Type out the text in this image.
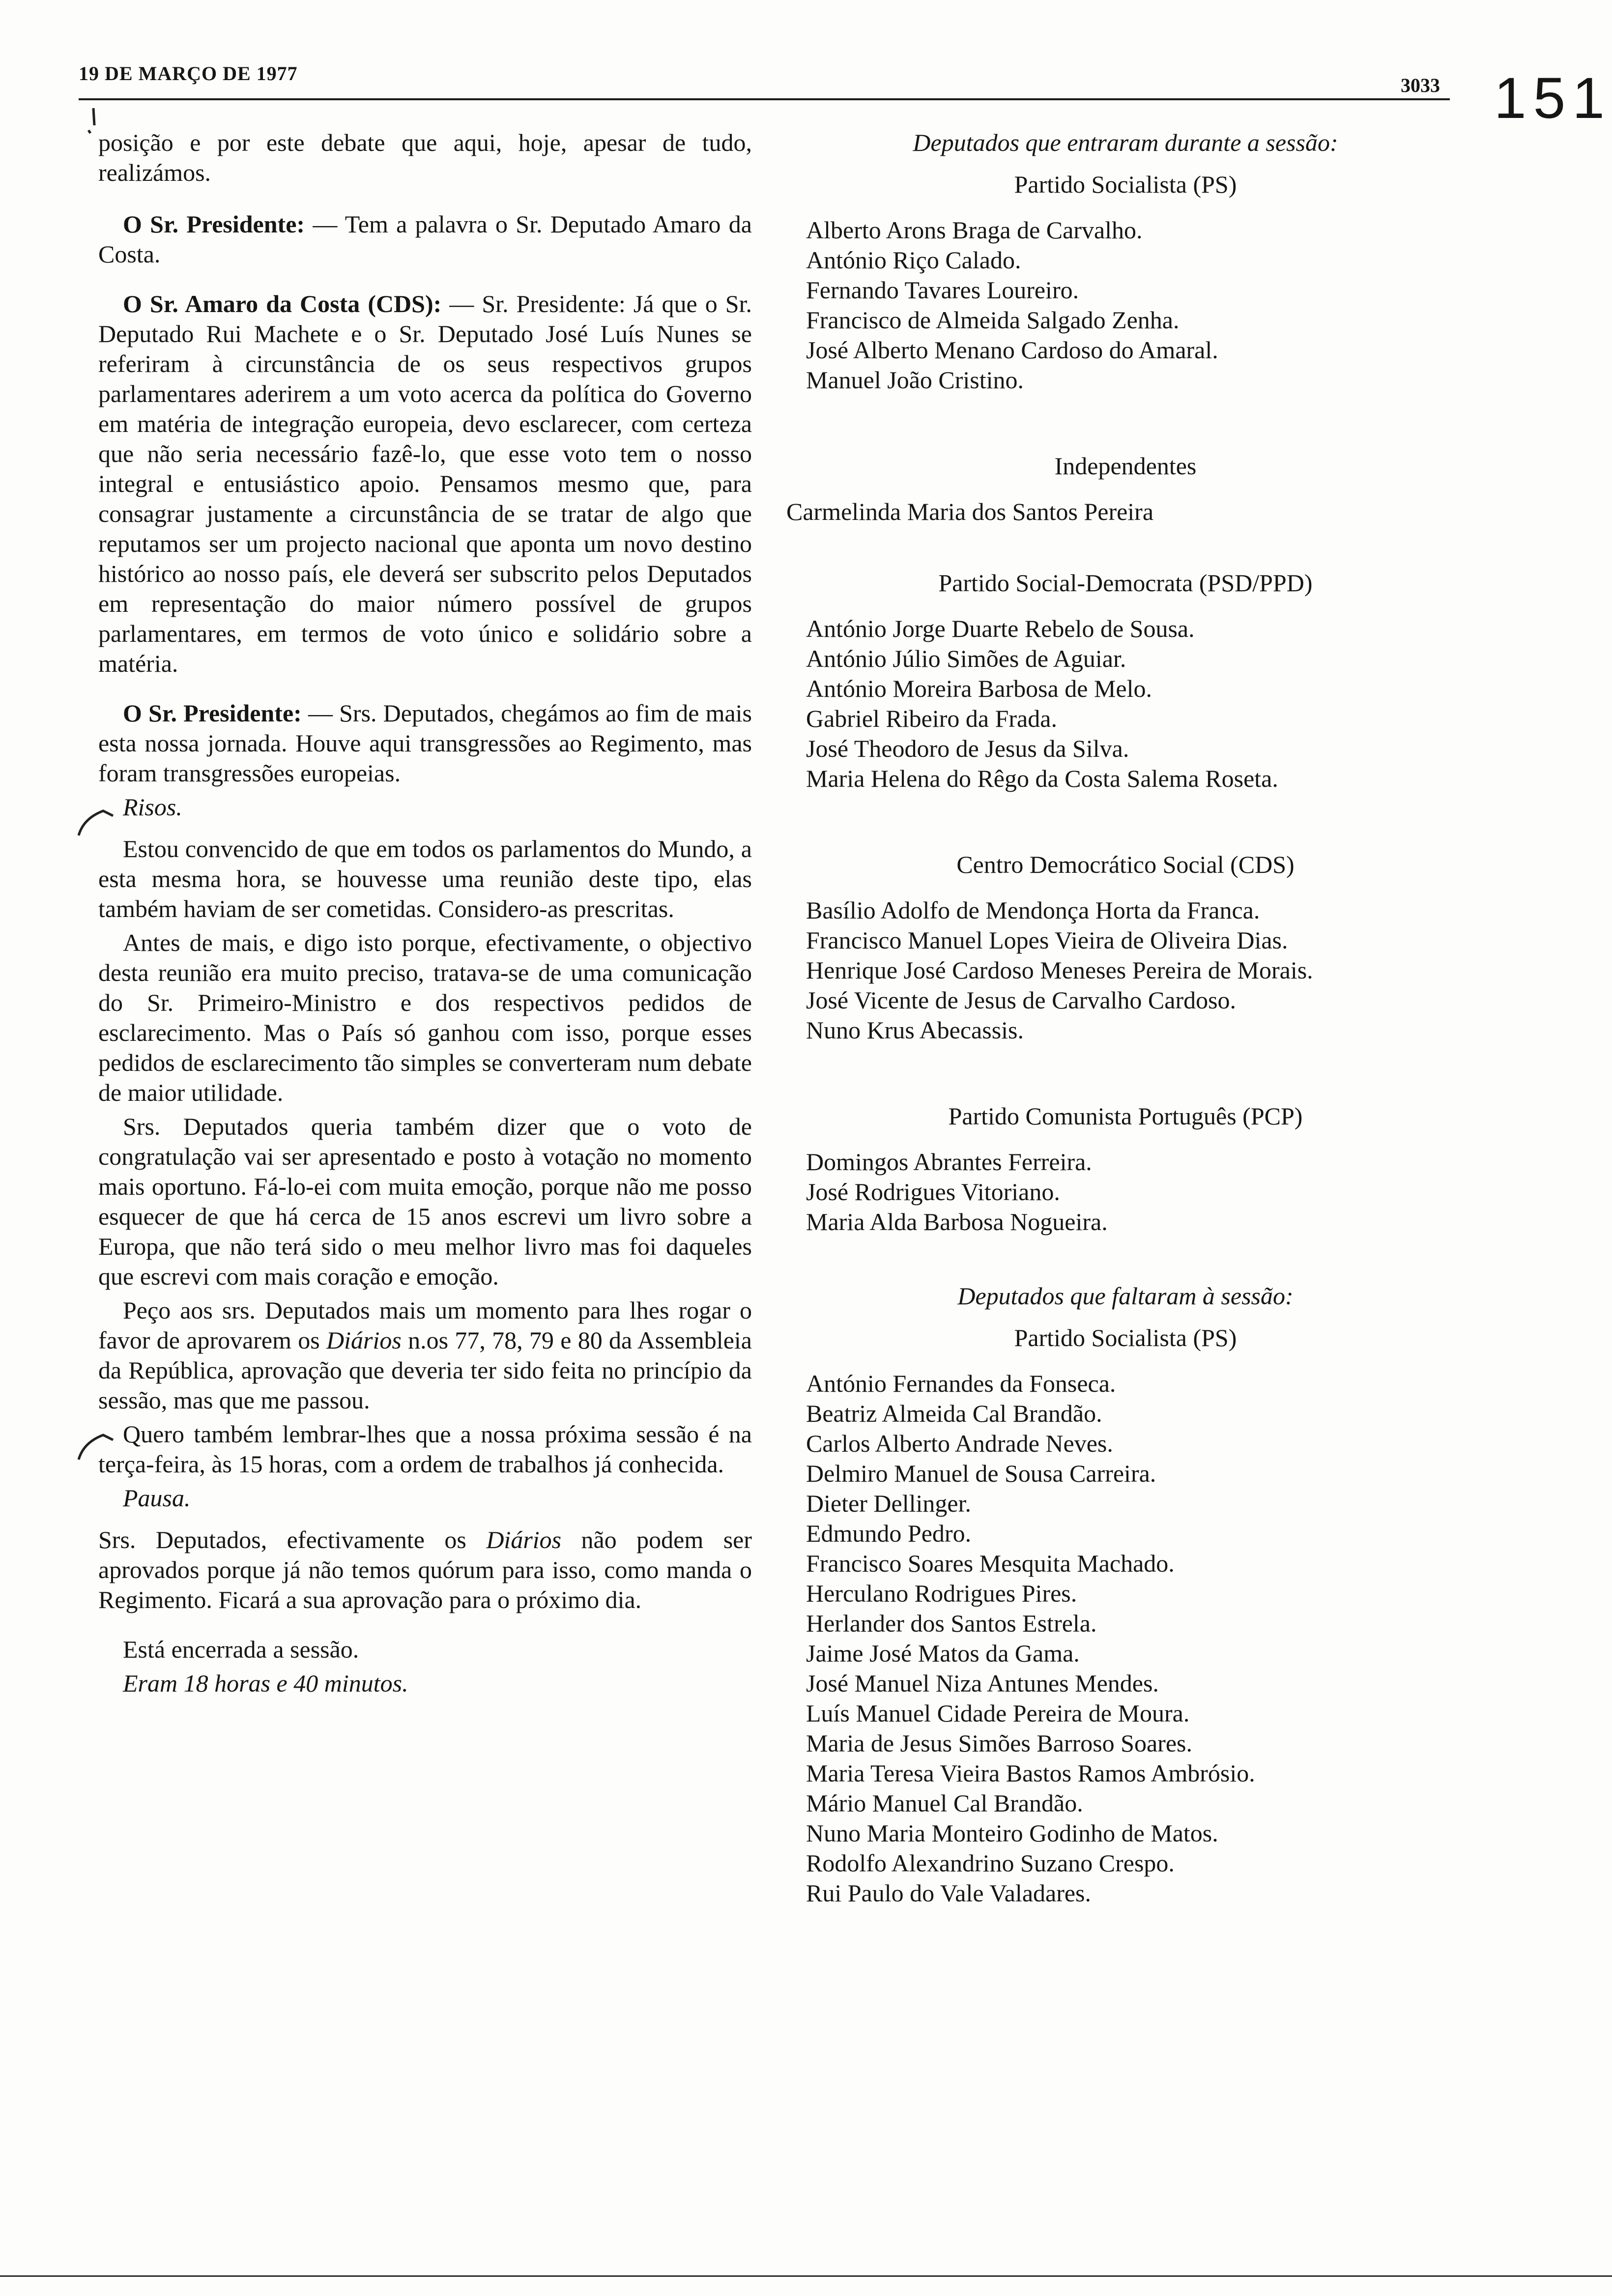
19 DE MARÇO DE 1977
3033 151

posição e por este debate que aqui, hoje, apesar de tudo, realizámos.

O Sr. Presidente: — Tem a palavra o Sr. Deputado Amaro da Costa.

O Sr. Amaro da Costa (CDS): — Sr. Presidente: Já que o Sr. Deputado Rui Machete e o Sr. Deputado José Luís Nunes se referiram à circunstância de os seus respectivos grupos parlamentares aderirem a um voto acerca da política do Governo em matéria de integração europeia, devo esclarecer, com certeza que não seria necessário fazê-lo, que esse voto tem o nosso integral e entusiástico apoio. Pensamos mesmo que, para consagrar justamente a circunstância de se tratar de algo que reputamos ser um projecto nacional que aponta um novo destino histórico ao nosso país, ele deverá ser subscrito pelos Deputados em representação do maior número possível de grupos parlamentares, em termos de voto único e solidário sobre a matéria.

O Sr. Presidente: — Srs. Deputados, chegámos ao fim de mais esta nossa jornada. Houve aqui transgressões ao Regimento, mas foram transgressões europeias.

Risos.

Estou convencido de que em todos os parlamentos do Mundo, a esta mesma hora, se houvesse uma reunião deste tipo, elas também haviam de ser cometidas. Considero-as prescritas.

Antes de mais, e digo isto porque, efectivamente, o objectivo desta reunião era muito preciso, tratava-se de uma comunicação do Sr. Primeiro-Ministro e dos respectivos pedidos de esclarecimento. Mas o País só ganhou com isso, porque esses pedidos de esclarecimento tão simples se converteram num debate de maior utilidade.

Srs. Deputados queria também dizer que o voto de congratulação vai ser apresentado e posto à votação no momento mais oportuno. Fá-lo-ei com muita emoção, porque não me posso esquecer de que há cerca de 15 anos escrevi um livro sobre a Europa, que não terá sido o meu melhor livro mas foi daqueles que escrevi com mais coração e emoção.

Peço aos srs. Deputados mais um momento para lhes rogar o favor de aprovarem os Diários n.os 77, 78, 79 e 80 da Assembleia da República, aprovação que deveria ter sido feita no princípio da sessão, mas que me passou.

Quero também lembrar-lhes que a nossa próxima sessão é na terça-feira, às 15 horas, com a ordem de trabalhos já conhecida.

Pausa.

Srs. Deputados, efectivamente os Diários não podem ser aprovados porque já não temos quórum para isso, como manda o Regimento. Ficará a sua aprovação para o próximo dia.

Está encerrada a sessão.

Eram 18 horas e 40 minutos.

Deputados que entraram durante a sessão:
Partido Socialista (PS)
Alberto Arons Braga de Carvalho.
António Riço Calado.
Fernando Tavares Loureiro.
Francisco de Almeida Salgado Zenha.
José Alberto Menano Cardoso do Amaral.
Manuel João Cristino.
Independentes
Carmelinda Maria dos Santos Pereira
Partido Social-Democrata (PSD/PPD)
António Jorge Duarte Rebelo de Sousa.
António Júlio Simões de Aguiar.
António Moreira Barbosa de Melo.
Gabriel Ribeiro da Frada.
José Theodoro de Jesus da Silva.
Maria Helena do Rêgo da Costa Salema Roseta.
Centro Democrático Social (CDS)
Basílio Adolfo de Mendonça Horta da Franca.
Francisco Manuel Lopes Vieira de Oliveira Dias.
Henrique José Cardoso Meneses Pereira de Morais.
José Vicente de Jesus de Carvalho Cardoso.
Nuno Krus Abecassis.
Partido Comunista Português (PCP)
Domingos Abrantes Ferreira.
José Rodrigues Vitoriano.
Maria Alda Barbosa Nogueira.
Deputados que faltaram à sessão:
Partido Socialista (PS)
António Fernandes da Fonseca.
Beatriz Almeida Cal Brandão.
Carlos Alberto Andrade Neves.
Delmiro Manuel de Sousa Carreira.
Dieter Dellinger.
Edmundo Pedro.
Francisco Soares Mesquita Machado.
Herculano Rodrigues Pires.
Herlander dos Santos Estrela.
Jaime José Matos da Gama.
José Manuel Niza Antunes Mendes.
Luís Manuel Cidade Pereira de Moura.
Maria de Jesus Simões Barroso Soares.
Maria Teresa Vieira Bastos Ramos Ambrósio.
Mário Manuel Cal Brandão.
Nuno Maria Monteiro Godinho de Matos.
Rodolfo Alexandrino Suzano Crespo.
Rui Paulo do Vale Valadares.
